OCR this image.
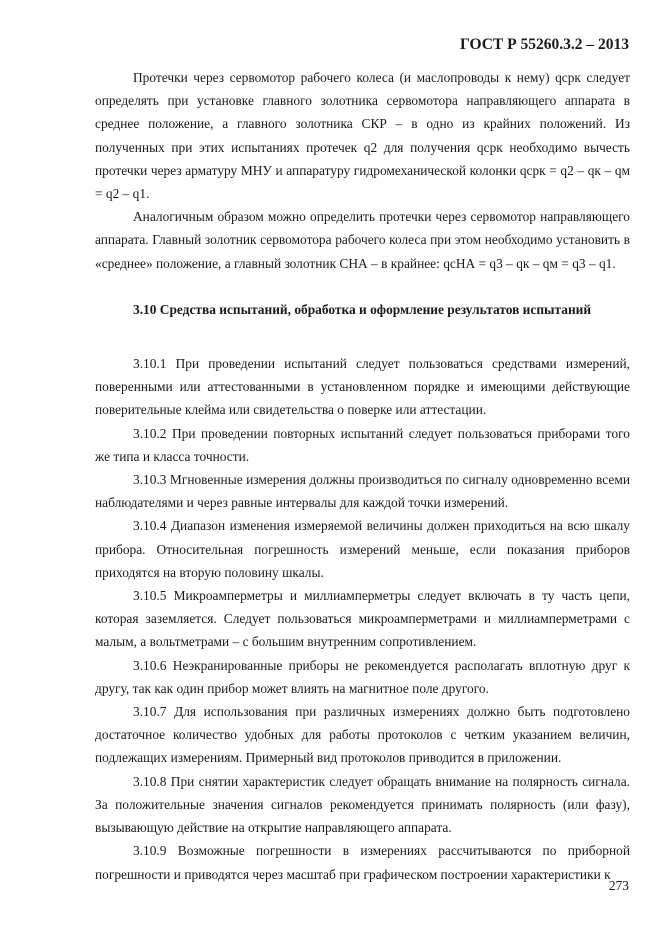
ГОСТ Р 55260.3.2 – 2013

Протечки через сервомотор рабочего колеса (и маслопроводы к нему) qсрк следует определять при установке главного золотника сервомотора направляющего аппарата в среднее положение, а главного золотника СКР – в одно из крайних положений. Из полученных при этих испытаниях протечек q2 для получения qcрк необходимо вычесть протечки через арматуру МНУ и аппаратуру гидромеханической колонки qcрк = q2 – qк – qм = q2 – q1.

Аналогичным образом можно определить протечки через сервомотор направляющего аппарата. Главный золотник сервомотора рабочего колеса при этом необходимо установить в «среднее» положение, а главный золотник СНА – в крайнее: qcНА = q3 – qк – qм = q3 – q1.

3.10 Средства испытаний, обработка и оформление результатов испытаний

3.10.1 При проведении испытаний следует пользоваться средствами измерений, поверенными или аттестованными в установленном порядке и имеющими действующие поверительные клейма или свидетельства о поверке или аттестации.

3.10.2 При проведении повторных испытаний следует пользоваться приборами того же типа и класса точности.

3.10.3 Мгновенные измерения должны производиться по сигналу одновременно всеми наблюдателями и через равные интервалы для каждой точки измерений.

3.10.4 Диапазон изменения измеряемой величины должен приходиться на всю шкалу прибора. Относительная погрешность измерений меньше, если показания приборов приходятся на вторую половину шкалы.

3.10.5 Микроамперметры и миллиамперметры следует включать в ту часть цепи, которая заземляется. Следует пользоваться микроамперметрами и миллиамперметрами с малым, а вольтметрами – с большим внутренним сопротивлением.

3.10.6 Неэкранированные приборы не рекомендуется располагать вплотную друг к другу, так как один прибор может влиять на магнитное поле другого.

3.10.7 Для использования при различных измерениях должно быть подготовлено достаточное количество удобных для работы протоколов с четким указанием величин, подлежащих измерениям. Примерный вид протоколов приводится в приложении.

3.10.8 При снятии характеристик следует обращать внимание на полярность сигнала. За положительные значения сигналов рекомендуется принимать полярность (или фазу), вызывающую действие на открытие направляющего аппарата.

3.10.9 Возможные погрешности в измерениях рассчитываются по приборной погрешности и приводятся через масштаб при графическом построении характеристики к

273
